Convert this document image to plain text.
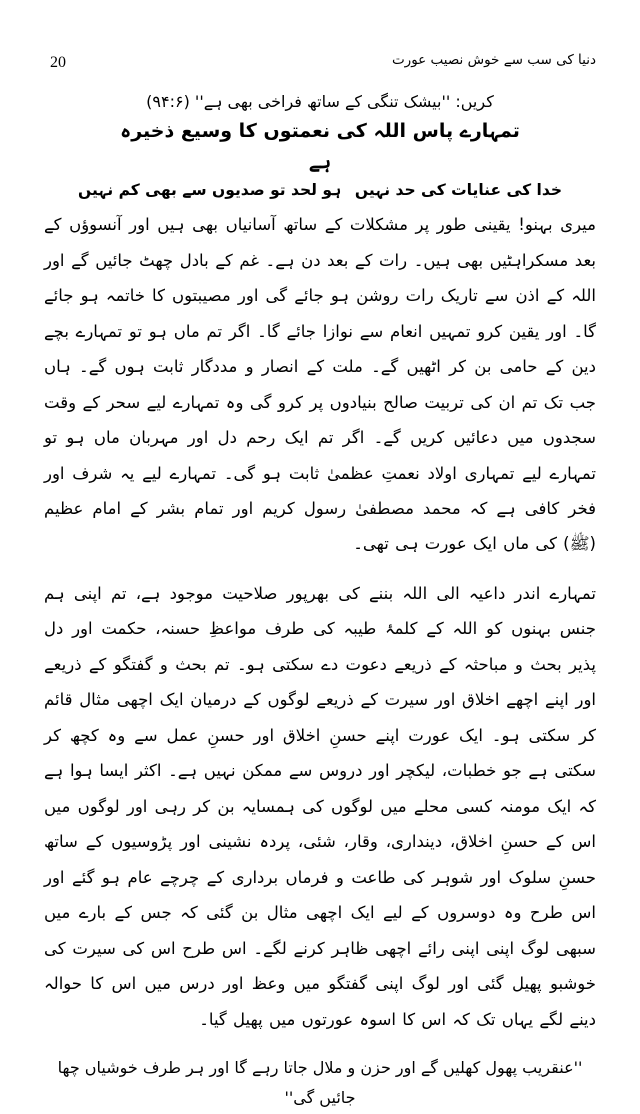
دنیا کی سب سے خوش نصیب عورت
20
کریں: ''بیشک تنگی کے ساتھ فراخی بھی ہے'' (۹۴:۶)
تمہارے پاس اللہ کی نعمتوں کا وسیع ذخیرہ
ہے
خدا کی عنایات کی حد نہیں
ہو لحد تو صدیوں سے بھی کم نہیں

میری بہنو! یقینی طور پر مشکلات کے ساتھ آسانیاں بھی ہیں اور آنسوؤں کے بعد مسکراہٹیں بھی ہیں۔ رات کے بعد دن ہے۔ غم کے بادل چھٹ جائیں گے اور اللہ کے اذن سے تاریک رات روشن ہو جائے گی اور مصیبتوں کا خاتمہ ہو جائے گا۔ اور یقین کرو تمہیں انعام سے نوازا جائے گا۔ اگر تم ماں ہو تو تمہارے بچے دین کے حامی بن کر اٹھیں گے۔ ملت کے انصار و مددگار ثابت ہوں گے۔ ہاں جب تک تم ان کی تربیت صالح بنیادوں پر کرو گی وہ تمہارے لیے سحر کے وقت سجدوں میں دعائیں کریں گے۔ اگر تم ایک رحم دل اور مہربان ماں ہو تو تمہارے لیے تمہاری اولاد نعمتِ عظمیٰ ثابت ہو گی۔ تمہارے لیے یہ شرف اور فخر کافی ہے کہ محمد مصطفیٰ رسول کریم اور تمام بشر کے امام عظیم (ﷺ) کی ماں ایک عورت ہی تھی۔

تمہارے اندر داعیہ الی اللہ بننے کی بھرپور صلاحیت موجود ہے، تم اپنی ہم جنس بہنوں کو اللہ کے کلمۂ طیبہ کی طرف مواعظِ حسنہ، حکمت اور دل پذیر بحث و مباحثہ کے ذریعے دعوت دے سکتی ہو۔ تم بحث و گفتگو کے ذریعے اور اپنے اچھے اخلاق اور سیرت کے ذریعے لوگوں کے درمیان ایک اچھی مثال قائم کر سکتی ہو۔ ایک عورت اپنے حسنِ اخلاق اور حسنِ عمل سے وہ کچھ کر سکتی ہے جو خطبات، لیکچر اور دروس سے ممکن نہیں ہے۔ اکثر ایسا ہوا ہے کہ ایک مومنہ کسی محلے میں لوگوں کی ہمسایہ بن کر رہی اور لوگوں میں اس کے حسنِ اخلاق، دینداری، وقار، شئی، پردہ نشینی اور پڑوسیوں کے ساتھ حسنِ سلوک اور شوہر کی طاعت و فرماں برداری کے چرچے عام ہو گئے اور اس طرح وہ دوسروں کے لیے ایک اچھی مثال بن گئی کہ جس کے بارے میں سبھی لوگ اپنی اپنی رائے اچھی ظاہر کرنے لگے۔ اس طرح اس کی سیرت کی خوشبو پھیل گئی اور لوگ اپنی گفتگو میں وعظ اور درس میں اس کا حوالہ دینے لگے یہاں تک کہ اس کا اسوہ عورتوں میں پھیل گیا۔

''عنقریب پھول کھلیں گے اور حزن و ملال جاتا رہے گا اور ہر طرف خوشیاں چھا جائیں گی''
